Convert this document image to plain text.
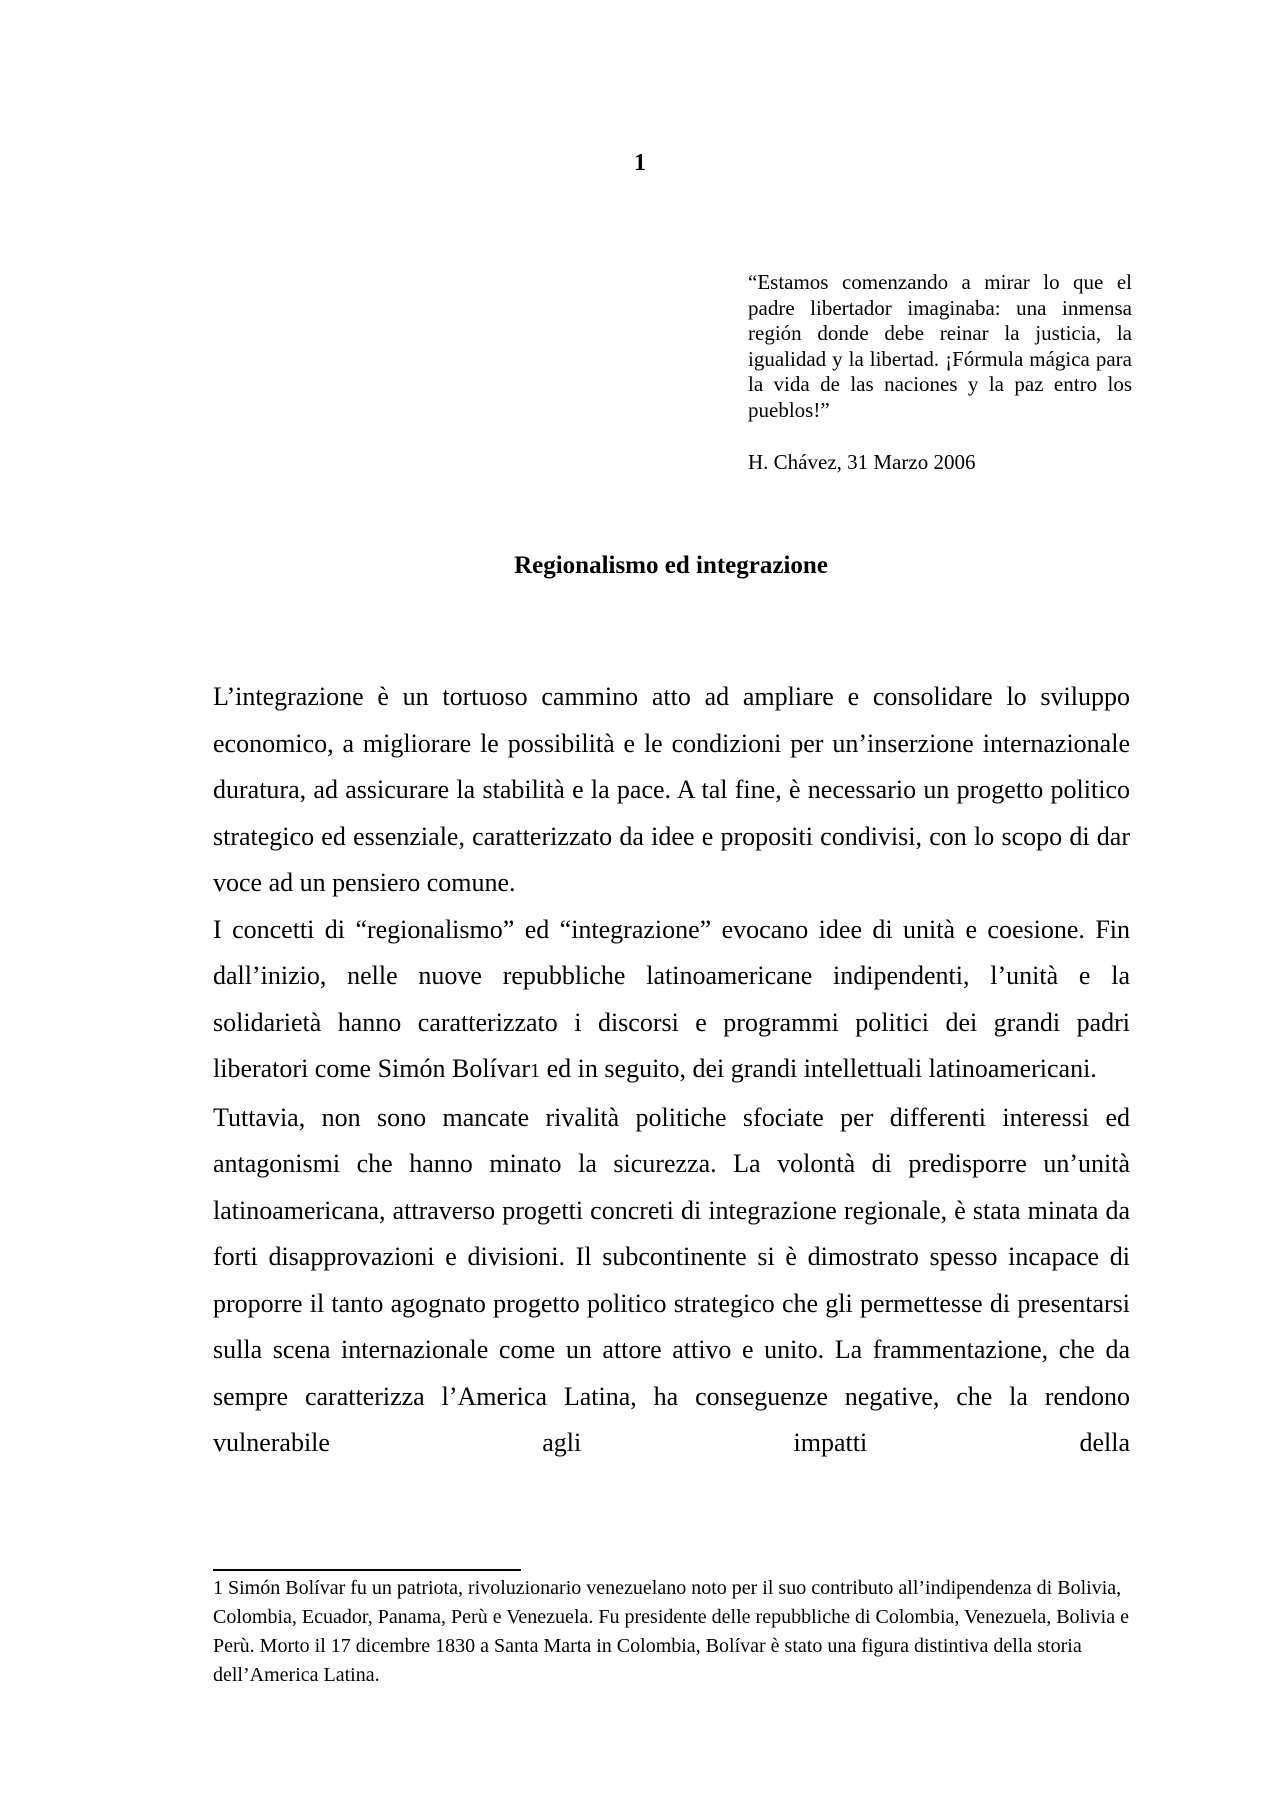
1

“Estamos comenzando a mirar lo que el padre libertador imaginaba: una inmensa región donde debe reinar la justicia, la igualidad y la libertad. ¡Fórmula mágica para la vida de las naciones y la paz entro los pueblos!”

H. Chávez, 31 Marzo 2006

Regionalismo ed integrazione

L’integrazione è un tortuoso cammino atto ad ampliare e consolidare lo sviluppo economico, a migliorare le possibilità e le condizioni per un’inserzione internazionale duratura, ad assicurare la stabilità e la pace. A tal fine, è necessario un progetto politico strategico ed essenziale, caratterizzato da idee e propositi condivisi, con lo scopo di dar voce ad un pensiero comune.

I concetti di “regionalismo” ed “integrazione” evocano idee di unità e coesione. Fin dall’inizio, nelle nuove repubbliche latinoamericane indipendenti, l’unità e la solidarietà hanno caratterizzato i discorsi e programmi politici dei grandi padri liberatori come Simón Bolívar1 ed in seguito, dei grandi intellettuali latinoamericani.

Tuttavia, non sono mancate rivalità politiche sfociate per differenti interessi ed antagonismi che hanno minato la sicurezza. La volontà di predisporre un’unità latinoamericana, attraverso progetti concreti di integrazione regionale, è stata minata da forti disapprovazioni e divisioni. Il subcontinente si è dimostrato spesso incapace di proporre il tanto agognato progetto politico strategico che gli permettesse di presentarsi sulla scena internazionale come un attore attivo e unito. La frammentazione, che da sempre caratterizza l’America Latina, ha conseguenze negative, che la rendono vulnerabile agli impatti della

1 Simón Bolívar fu un patriota, rivoluzionario venezuelano noto per il suo contributo all’indipendenza di Bolivia, Colombia, Ecuador, Panama, Perù e Venezuela. Fu presidente delle repubbliche di Colombia, Venezuela, Bolivia e Perù. Morto il 17 dicembre 1830 a Santa Marta in Colombia, Bolívar è stato una figura distintiva della storia dell’America Latina.
